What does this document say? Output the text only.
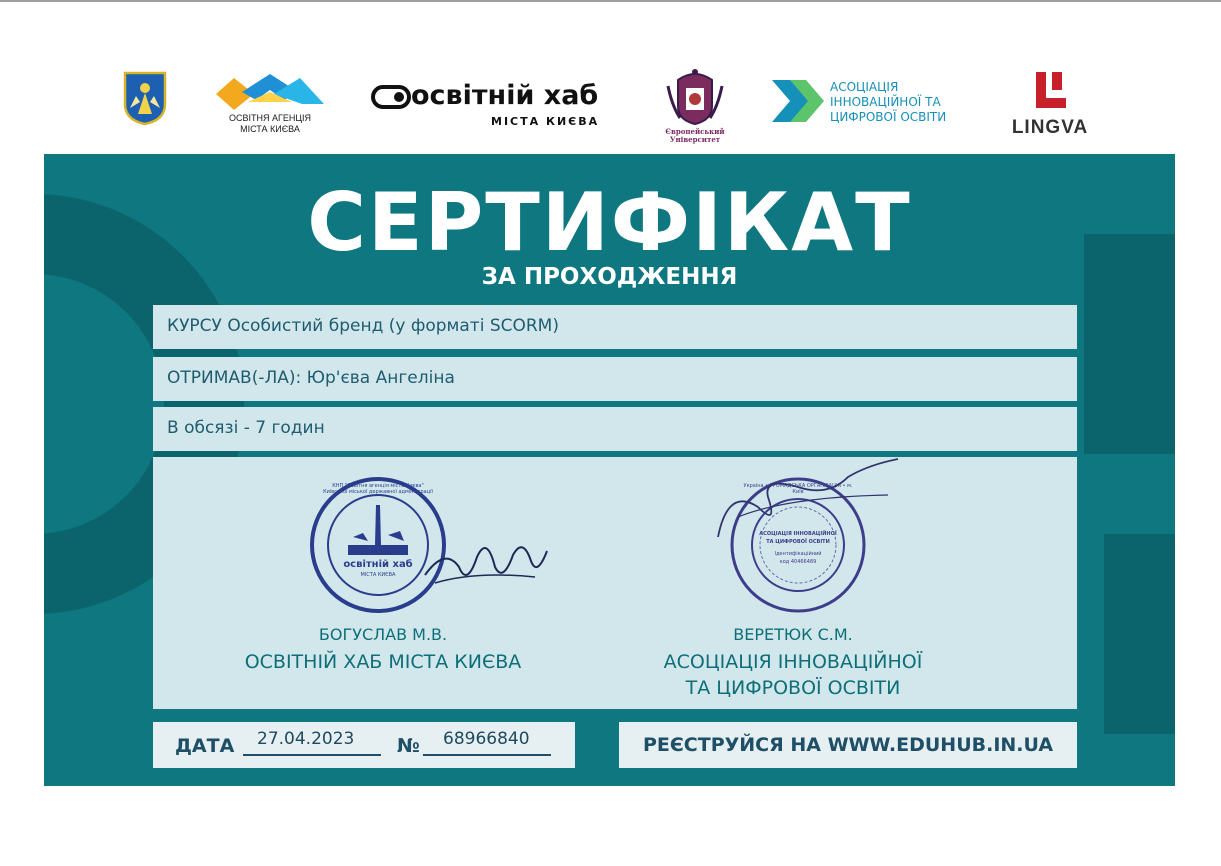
ОСВІТНЯ АГЕНЦІЯ
МІСТА КИЄВА
освітній хаб
МІСТА КИЄВА
Європейський
Університет
АСОЦІАЦІЯ
ІННОВАЦІЙНОЇ ТА
ЦИФРОВОЇ ОСВІТИ	LINGVA
СЕРТИФІКАТ
ЗА ПРОХОДЖЕННЯ
КУРСУ Особистий бренд (у форматі SCORM)
ОТРИМАВ(-ЛА): Юр'єва Ангеліна
В обсязі - 7 годин
освітній хаб
МІСТА КИЄВА
КНП "Освітня агенція міста Києва" Київської міської державної адміністрації
АСОЦІАЦІЯ ІННОВАЦІЙНОЇ
ТА ЦИФРОВОЇ ОСВІТИ
Ідентифікаційний
код 40466489
Україна • ГРОМАДСЬКА ОРГАНІЗАЦІЯ • м. Київ
БОГУСЛАВ М.В.
ОСВІТНІЙ ХАБ МІСТА КИЄВА
ВЕРЕТЮК С.М.
АСОЦІАЦІЯ ІННОВАЦІЙНОЇ
ТА ЦИФРОВОЇ ОСВІТИ
ДАТА 27.04.2023 № 68966840	РЕЄСТРУЙСЯ НА WWW.EDUHUB.IN.UA
